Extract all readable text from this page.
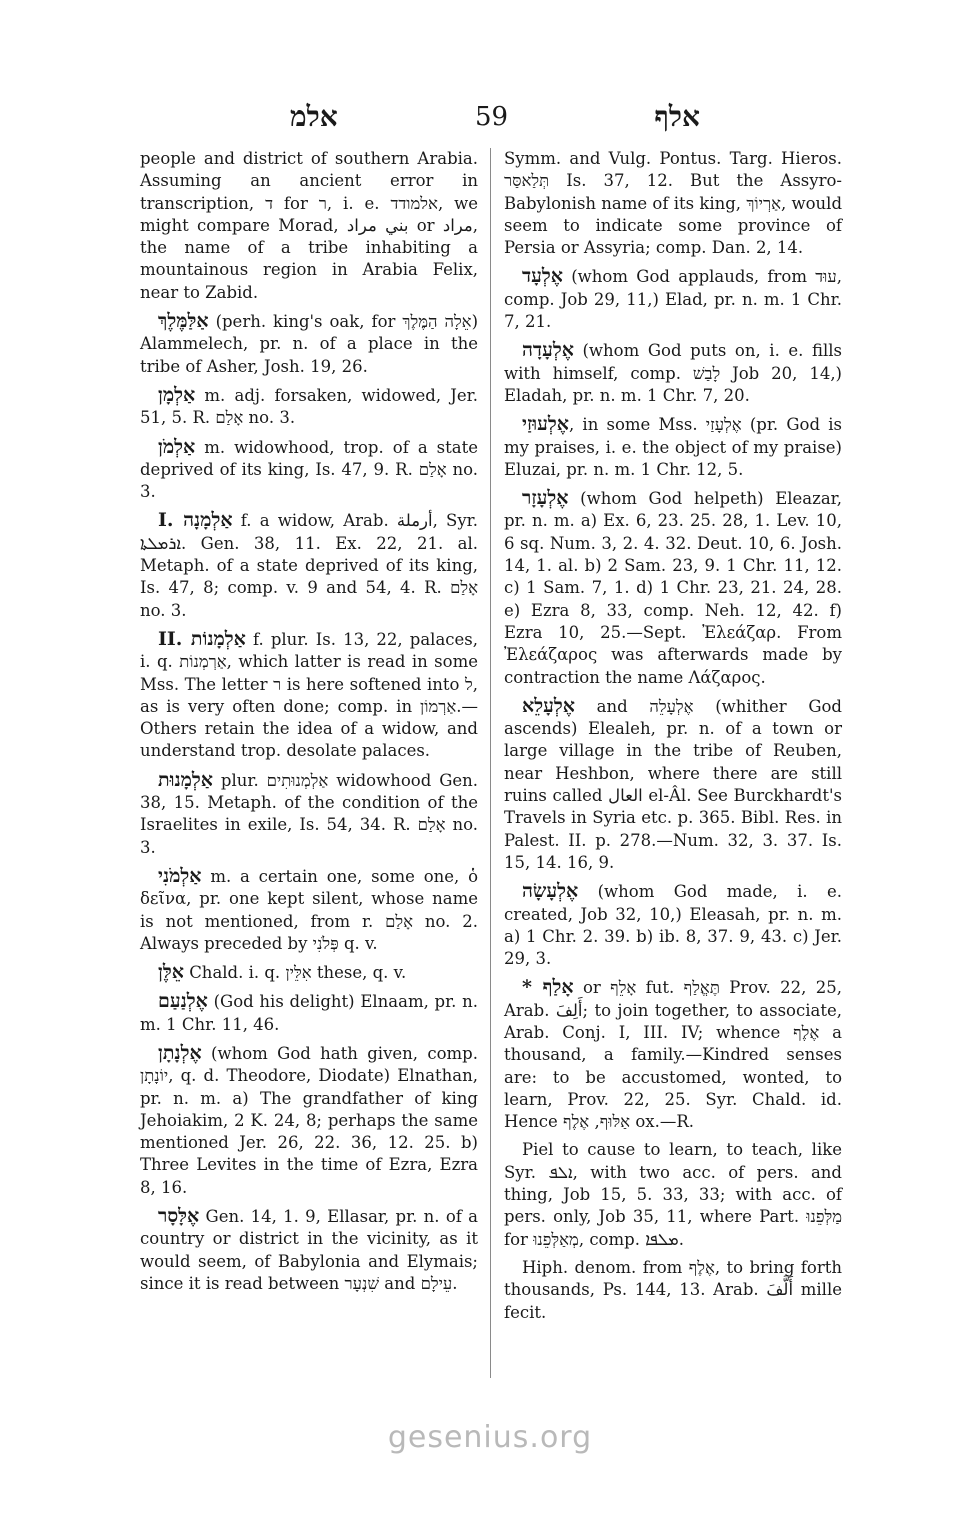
אלמ	59	אלף

people and district of southern Arabia. Assuming an ancient error in transcription, ד for ר, i. e. אלמודד, we might compare Morad, بني مراد or مراد, the name of a tribe inhabiting a mountainous region in Arabia Felix, near to Zabid.

אַלַּמֶּלֶךְ (perh. king's oak, for אֵלָה הַמֶּלֶךְ) Alammelech, pr. n. of a place in the tribe of Asher, Josh. 19, 26.

אַלְמָן m. adj. forsaken, widowed, Jer. 51, 5. R. אָלַם no. 3.

אַלְמֹן m. widowhood, trop. of a state deprived of its king, Is. 47, 9. R. אָלַם no. 3.

I. אַלְמָנָה f. a widow, Arab. أرملة, Syr. ܐܪܡܠܬܐ. Gen. 38, 11. Ex. 22, 21. al. Metaph. of a state deprived of its king, Is. 47, 8; comp. v. 9 and 54, 4. R. אָלַם no. 3.

II. אַלְמָנוֹת f. plur. Is. 13, 22, palaces, i. q. אַרְמְנוֹת, which latter is read in some Mss. The letter ר is here softened into ל, as is very often done; comp. in אַרְמוֹן.—Others retain the idea of a widow, and understand trop. desolate palaces.

אַלְמָנוּת plur. אַלְמְנוּתִים widowhood Gen. 38, 15. Metaph. of the condition of the Israelites in exile, Is. 54, 34. R. אָלַם no. 3.

אַלְמֹנִי m. a certain one, some one, ὁ δεῖνα, pr. one kept silent, whose name is not mentioned, from r. אָלַם no. 2. Always preceded by פְּלֹנִי q. v.

אֵלֶּן Chald. i. q. אִלֵּין these, q. v.

אֶלְנַעַם (God his delight) Elnaam, pr. n. m. 1 Chr. 11, 46.

אֶלְנָתָן (whom God hath given, comp. יוֹנָתָן, q. d. Theodore, Diodate) Elnathan, pr. n. m. a) The grandfather of king Jehoiakim, 2 K. 24, 8; perhaps the same mentioned Jer. 26, 22. 36, 12. 25. b) Three Levites in the time of Ezra, Ezra 8, 16.

אֶלָּסָר Gen. 14, 1. 9, Ellasar, pr. n. of a country or district in the vicinity, as it would seem, of Babylonia and Elymais; since it is read between שִׁנְעָר and עֵילָם.

Symm. and Vulg. Pontus. Targ. Hieros. תְּלַאסַּר Is. 37, 12. But the Assyro-Babylonish name of its king, אַרְיוֹךְ, would seem to indicate some province of Persia or Assyria; comp. Dan. 2, 14.

אֶלְעָד (whom God applauds, from עוּד, comp. Job 29, 11,) Elad, pr. n. m. 1 Chr. 7, 21.

אֶלְעָדָה (whom God puts on, i. e. fills with himself, comp. לָבַשׁ Job 20, 14,) Eladah, pr. n. m. 1 Chr. 7, 20.

אֶלְעוּזַי, in some Mss. אֶלְעָזַי (pr. God is my praises, i. e. the object of my praise) Eluzai, pr. n. m. 1 Chr. 12, 5.

אֶלְעָזָר (whom God helpeth) Eleazar, pr. n. m. a) Ex. 6, 23. 25. 28, 1. Lev. 10, 6 sq. Num. 3, 2. 4. 32. Deut. 10, 6. Josh. 14, 1. al. b) 2 Sam. 23, 9. 1 Chr. 11, 12. c) 1 Sam. 7, 1. d) 1 Chr. 23, 21. 24, 28. e) Ezra 8, 33, comp. Neh. 12, 42. f) Ezra 10, 25.—Sept. Ἐλεάζαρ. From Ἐλεάζαρος was afterwards made by contraction the name Λάζαρος.

אֶלְעָלֵא and אֶלְעָלֵה (whither God ascends) Elealeh, pr. n. of a town or large village in the tribe of Reuben, near Heshbon, where there are still ruins called العال el-Âl. See Burckhardt's Travels in Syria etc. p. 365. Bibl. Res. in Palest. II. p. 278.—Num. 32, 3. 37. Is. 15, 14. 16, 9.

אֶלְעָשָׂה (whom God made, i. e. created, Job 32, 10,) Eleasah, pr. n. m. a) 1 Chr. 2. 39. b) ib. 8, 37. 9, 43. c) Jer. 29, 3.

* אָלַף or אָלֵף fut. תֶּאֱלַף Prov. 22, 25, Arab. أَلِفَ; to join together, to associate, Arab. Conj. I, III. IV; whence אֶלֶף a thousand, a family.—Kindred senses are: to be accustomed, wonted, to learn, Prov. 22, 25. Syr. Chald. id. Hence אַלּוּף, אֶלֶף ox.—R.

Piel to cause to learn, to teach, like Syr. ܐܠܦ, with two acc. of pers. and thing, Job 15, 5. 33, 33; with acc. of pers. only, Job 35, 11, where Part. מַלְּפֵנוּ for מְאַלְּפֵנוּ, comp. ܡܠܦܐ.

Hiph. denom. from אֶלֶף, to bring forth thousands, Ps. 144, 13. Arab. أَلَّفَ mille fecit.

gesenius.org
